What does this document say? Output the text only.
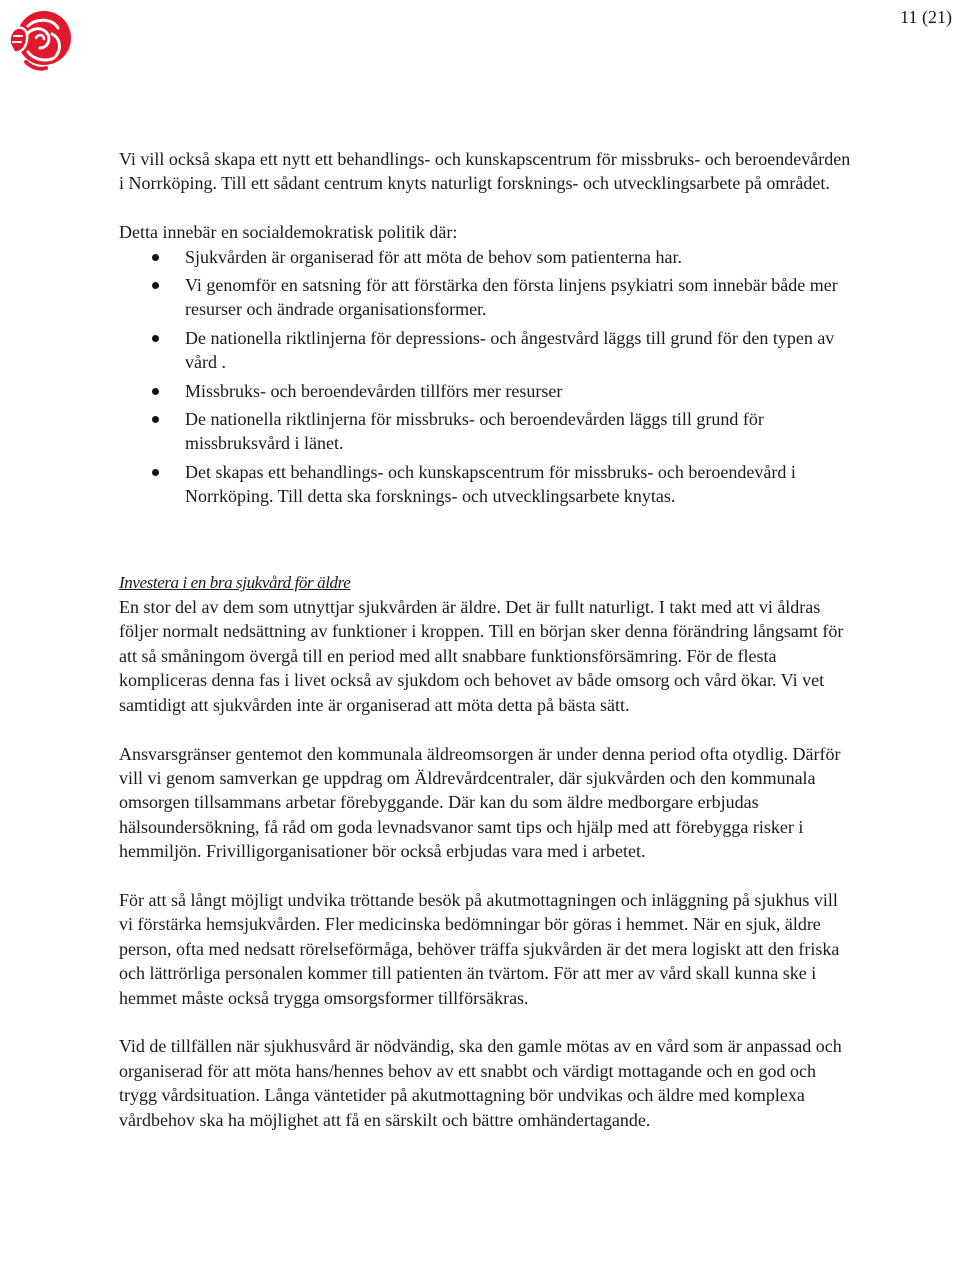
11 (21)

Vi vill också skapa ett nytt ett behandlings- och kunskapscentrum för missbruks- och beroendevården i Norrköping. Till ett sådant centrum knyts naturligt forsknings- och utvecklingsarbete på området.

Detta innebär en socialdemokratisk politik där:

Sjukvården är organiserad för att möta de behov som patienterna har.
Vi genomför en satsning för att förstärka den första linjens psykiatri som innebär både mer resurser och ändrade organisationsformer.
De nationella riktlinjerna för depressions- och ångestvård läggs till grund för den typen av vård .
Missbruks- och beroendevården tillförs mer resurser
De nationella riktlinjerna för missbruks- och beroendevården läggs till grund för missbruksvård i länet.
Det skapas ett behandlings- och kunskapscentrum för missbruks- och beroendevård i Norrköping. Till detta ska forsknings- och utvecklingsarbete knytas.

Investera i en bra sjukvård för äldre

En stor del av dem som utnyttjar sjukvården är äldre. Det är fullt naturligt. I takt med att vi åldras följer normalt nedsättning av funktioner i kroppen. Till en början sker denna förändring långsamt för att så småningom övergå till en period med allt snabbare funktionsförsämring. För de flesta kompliceras denna fas i livet också av sjukdom och behovet av både omsorg och vård ökar. Vi vet samtidigt att sjukvården inte är organiserad att möta detta på bästa sätt.

Ansvarsgränser gentemot den kommunala äldreomsorgen är under denna period ofta otydlig. Därför vill vi genom samverkan ge uppdrag om Äldrevårdcentraler, där sjukvården och den kommunala omsorgen tillsammans arbetar förebyggande. Där kan du som äldre medborgare erbjudas hälsoundersökning, få råd om goda levnadsvanor samt tips och hjälp med att förebygga risker i hemmiljön. Frivilligorganisationer bör också erbjudas vara med i arbetet.

För att så långt möjligt undvika tröttande besök på akutmottagningen och inläggning på sjukhus vill vi förstärka hemsjukvården. Fler medicinska bedömningar bör göras i hemmet. När en sjuk, äldre person, ofta med nedsatt rörelseförmåga, behöver träffa sjukvården är det mera logiskt att den friska och lättrörliga personalen kommer till patienten än tvärtom. För att mer av vård skall kunna ske i hemmet måste också trygga omsorgsformer tillförsäkras.

Vid de tillfällen när sjukhusvård är nödvändig, ska den gamle mötas av en vård som är anpassad och organiserad för att möta hans/hennes behov av ett snabbt och värdigt mottagande och en god och trygg vårdsituation. Långa väntetider på akutmottagning bör undvikas och äldre med komplexa vårdbehov ska ha möjlighet att få en särskilt och bättre omhändertagande.
